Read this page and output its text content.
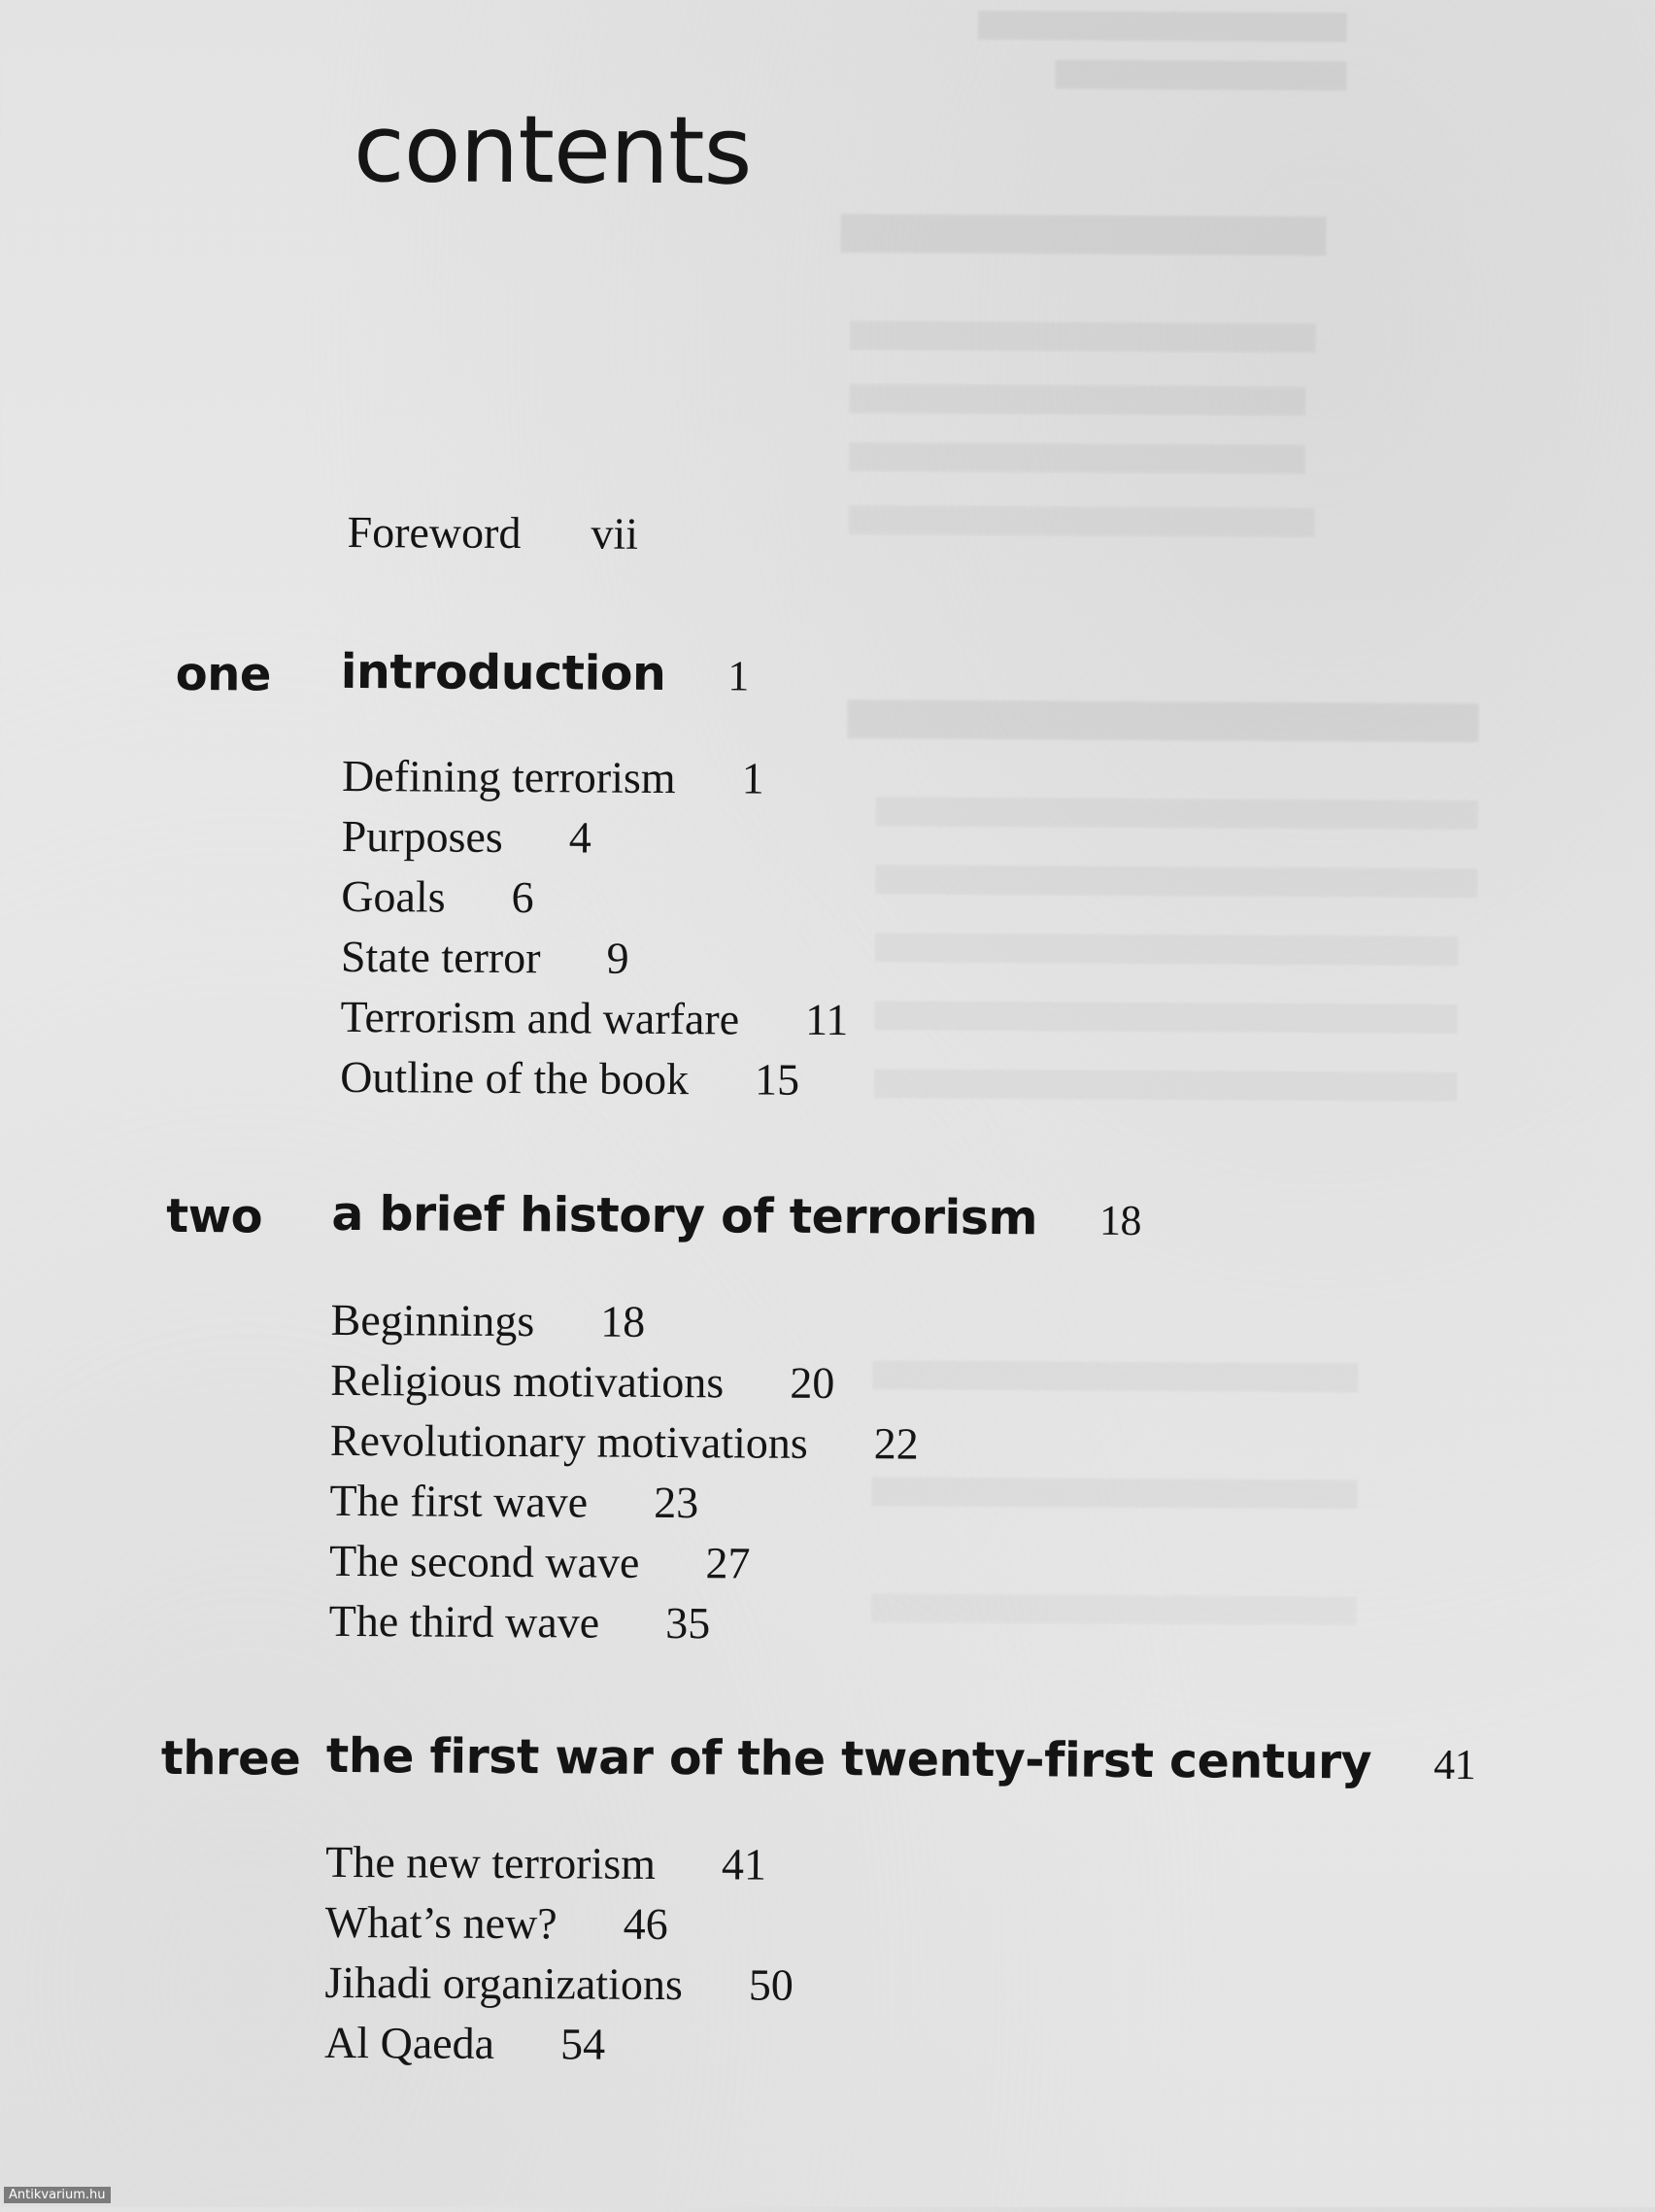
contents
Foreword vii
one introduction 1
Defining terrorism 1
Purposes 4
Goals 6
State terror 9
Terrorism and warfare 11
Outline of the book 15
two a brief history of terrorism 18
Beginnings 18
Religious motivations 20
Revolutionary motivations 22
The first wave 23
The second wave 27
The third wave 35
three the first war of the twenty-first century 41
The new terrorism 41
What’s new? 46
Jihadi organizations 50
Al Qaeda 54
Antikvarium.hu
